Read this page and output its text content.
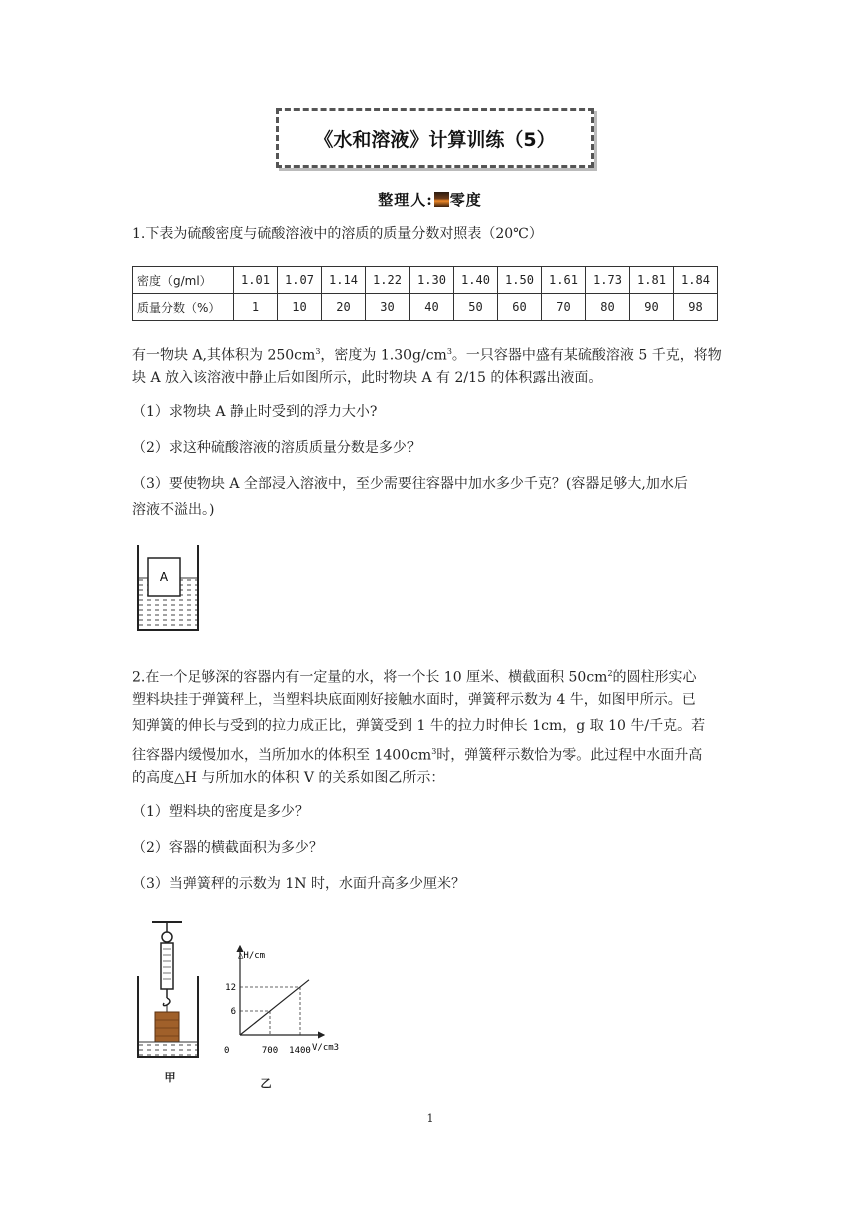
《水和溶液》计算训练（5）
整理人: 零度
1.下表为硫酸密度与硫酸溶液中的溶质的质量分数对照表（20℃）
密度（g/ml）	1.01	1.07	1.14	1.22	1.30	1.40	1.50	1.61	1.73	1.81	1.84
质量分数（%）	1	10	20	30	40	50	60	70	80	90	98
有一物块 A,其体积为 $250cm^3$，密度为 $1.30g/cm^3$。一只容器中盛有某硫酸溶液 5 千克，将物
块 A 放入该溶液中静止后如图所示，此时物块 A 有 2/15 的体积露出液面。
（1）求物块 A 静止时受到的浮力大小?
（2）求这种硫酸溶液的溶质质量分数是多少？
（3）要使物块 A 全部浸入溶液中，至少需要往容器中加水多少千克？(容器足够大,加水后
溶液不溢出。)
A
2.在一个足够深的容器内有一定量的水，将一个长 10 厘米、横截面积 $50cm^2$的圆柱形实心
塑料块挂于弹簧秤上，当塑料块底面刚好接触水面时，弹簧秤示数为 4 牛，如图甲所示。已
知弹簧的伸长与受到的拉力成正比，弹簧受到 1 牛的拉力时伸长 1cm，g 取 10 牛/千克。若
往容器内缓慢加水，当所加水的体积至 $1400cm^3$时，弹簧秤示数恰为零。此过程中水面升高
的高度△H 与所加水的体积 V 的关系如图乙所示：
（1）塑料块的密度是多少？
（2）容器的横截面积为多少？
（3）当弹簧秤的示数为 1N 时，水面升高多少厘米？
甲
△H/cm
V/cm3
0	700 1400
6
12
乙
1
